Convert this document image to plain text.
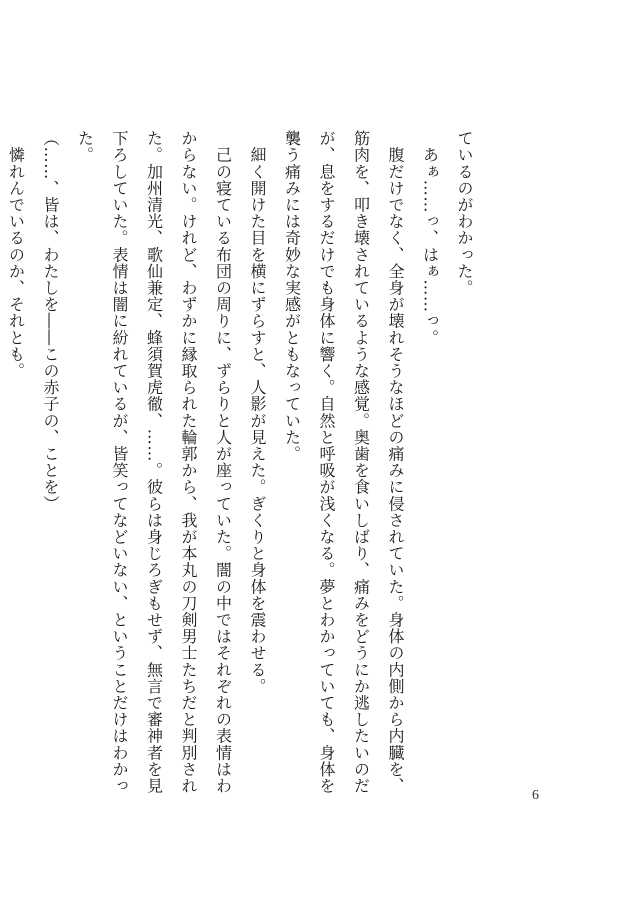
ているのがわかった。
　あぁ……っ、はぁ……っ。
　腹だけでなく、全身が壊れそうなほどの痛みに侵されていた。身体の内側から内臓を、
筋肉を、叩き壊されているような感覚。奥歯を食いしばり、痛みをどうにか逃したいのだ
が、息をするだけでも身体に響く。自然と呼吸が浅くなる。夢とわかっていても、身体を
襲う痛みには奇妙な実感がともなっていた。
　細く開けた目を横にずらすと、人影が見えた。ぎくりと身体を震わせる。
　己の寝ている布団の周りに、ずらりと人が座っていた。闇の中ではそれぞれの表情はわ
からない。けれど、わずかに縁取られた輪郭から、我が本丸の刀剣男士たちだと判別され
た。加州清光、歌仙兼定、蜂須賀虎徹、……。彼らは身じろぎもせず、無言で審神者を見
下ろしていた。表情は闇に紛れているが、皆笑ってなどいない、ということだけはわかっ
た。
（……、皆は、わたしを――この赤子の、ことを）
　憐れんでいるのか、それとも。
6
